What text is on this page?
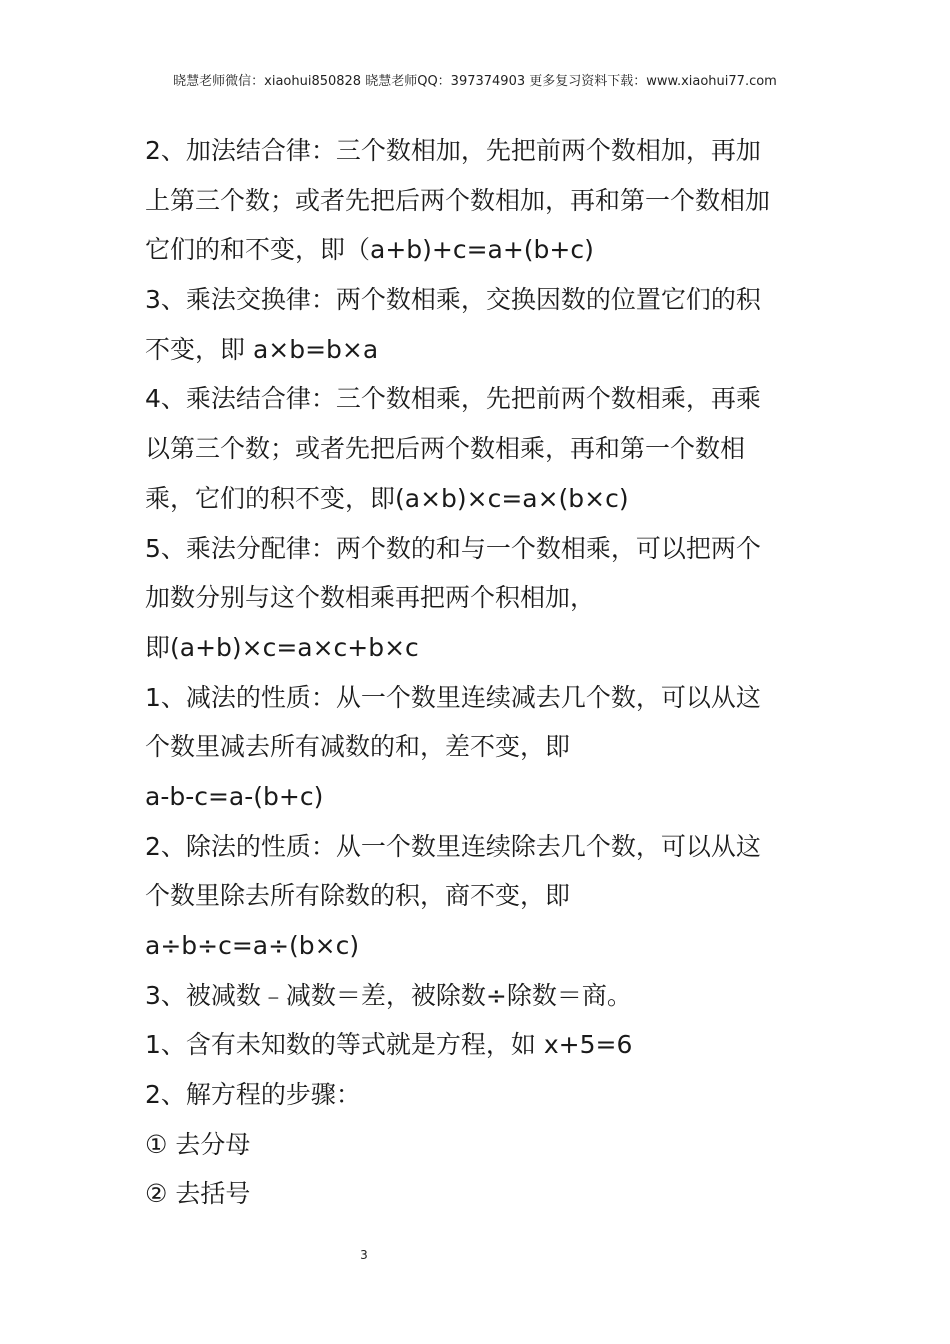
晓慧老师微信：xiaohui850828 晓慧老师QQ：397374903 更多复习资料下载：www.xiaohui77.com
2、加法结合律：三个数相加，先把前两个数相加，再加
上第三个数；或者先把后两个数相加，再和第一个数相加
它们的和不变，即（a+b)+c=a+(b+c)
3、乘法交换律：两个数相乘，交换因数的位置它们的积
不变，即 a×b=b×a
4、乘法结合律：三个数相乘，先把前两个数相乘，再乘
以第三个数；或者先把后两个数相乘，再和第一个数相
乘，它们的积不变，即(a×b)×c=a×(b×c)
5、乘法分配律：两个数的和与一个数相乘，可以把两个
加数分别与这个数相乘再把两个积相加，
即(a+b)×c=a×c+b×c
1、减法的性质：从一个数里连续减去几个数，可以从这
个数里减去所有减数的和，差不变，即
a-b-c=a-(b+c)
2、除法的性质：从一个数里连续除去几个数，可以从这
个数里除去所有除数的积，商不变，即
a÷b÷c=a÷(b×c)
3、被减数﹣减数＝差，被除数÷除数＝商。
1、含有未知数的等式就是方程，如 x+5=6
2、解方程的步骤：
① 去分母
② 去括号
3
